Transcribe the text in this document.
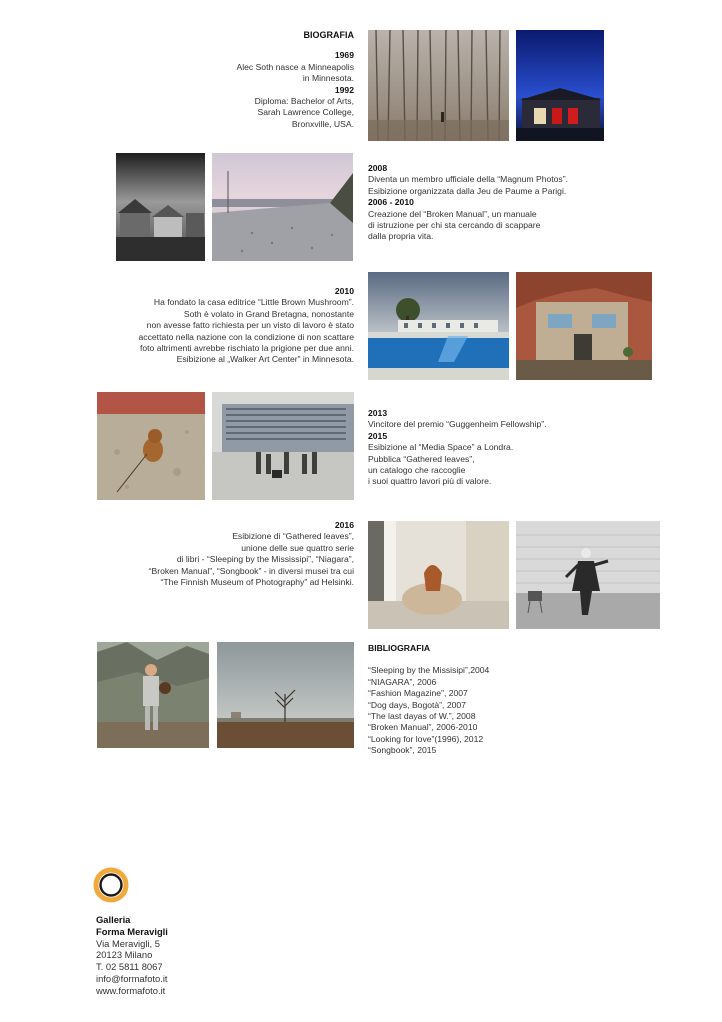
BIOGRAFIA
1969
Alec Soth nasce a Minneapolis
in Minnesota.
1992
Diploma: Bachelor of Arts,
Sarah Lawrence College,
Bronxville, USA.
2008
Diventa un membro ufficiale della “Magnum Photos”.
Esibizione organizzata dalla Jeu de Paume a Parigi.
2006 - 2010
Creazione del “Broken Manual”, un manuale
di istruzione per chi sta cercando di scappare
dalla propria vita.
2010
Ha fondato la casa editrice “Little Brown Mushroom”.
Soth è volato in Grand Bretagna, nonostante
non avesse fatto richiesta per un visto di lavoro è stato
accettato nella nazione con la condizione di non scattare
foto altrimenti avrebbe rischiato la prigione per due anni.
Esibizione al „Walker Art Center” in Minnesota.
2013
Vincitore del premio “Guggenheim Fellowship”.
2015
Esibizione al “Media Space” a Londra.
Pubblica “Gathered leaves”,
un catalogo che raccoglie
i suoi quattro lavori più di valore.
2016
Esibizione di “Gathered leaves”,
unione delle sue quattro serie
di libri - “Sleeping by the Mississipi”, “Niagara”,
“Broken Manual”, “Songbook” - in diversi musei tra cui
“The Finnish Museum of Photography” ad Helsinki.
BIBLIOGRAFIA
“Sleeping by the Missisipi”,2004
“NIAGARA”, 2006
“Fashion Magazine”, 2007
“Dog days, Bogotà”, 2007
“The last dayas of W.”, 2008
“Broken Manual”, 2006-2010
“Looking for love”(1996), 2012
“Songbook”, 2015
Galleria
Forma Meravigli
Via Meravigli, 5
20123 Milano
T. 02 5811 8067
info@formafoto.it
www.formafoto.it
